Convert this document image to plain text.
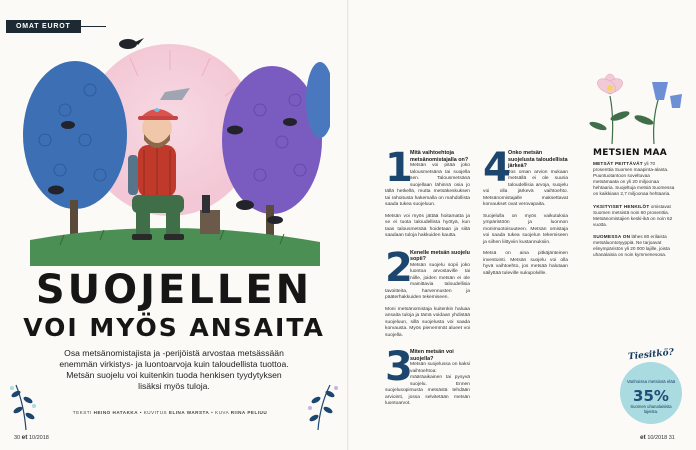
OMAT EUROT
SUOJELLEN
VOI MYÖS ANSAITA
Osa metsänomistajista ja -perijöistä arvostaa metsässään enemmän virkistys- ja luontoarvoja kuin taloudellista tuottoa. Metsän suojelu voi kuitenkin tuoda henkisen tyydytyksen lisäksi myös tuloja.
TEKSTI HEINO HATAKKA • KUVITUS ELINA WARSTA • KUVA RIINA PELIUU
30 et 10/2018
1
Mitä vaihtoehtoja metsänomistajalla on?

Metsän voi pitää joko talousmetsänä tai suojella sen. Talousmetsänä suojellaan lähinnä osia jo tällä hetkellä, mutta metsäkeskuksen tai rahoitusta hakemalla on mahdollista saada tukea suojeluun.

Metsän voi myös jättää hoitamatta ja se ei tuota taloudellista hyötyä, kun taas talousmetsää hoidetaan ja siitä saadaan tuloja hakkuiden kautta.

2
Kenelle metsän suojelu sopii?

Metsän suojelu sopii joko luontoa arvostaville tai niille, joiden metsän ei ole mainittavia taloudellisia tavoitteita, harvennusten ja pääterhakkuiden tekemiseen.

Moni metsänomistaja kuitenkin haluaa ansaita tuloja ja tämä voidaan yhdistää suojeluun, sillä suojelusta voi saada korvausta. Myös pienemmät alueet voi suojella.

3
Miten metsän voi suojella?

Metsän suojelussa on kaksi vaihtoehtoa: määräaikainen tai pysyvä suojelu. Ennen suojelusopimusta metsästä tehdään arviointi, jossa selvitetään metsän luontoarvot.

4
Onko metsän suojelusta taloudellista järkeä?

Jos oman arvion mukaan metsällä ei ole suuria taloudellisia arvoja, suojelu voi olla järkevä vaihtoehto. Metsänomistajalle maksettavat korvaukset ovat verovapaita.

Suojelulla on myös vaikutuksia ympäristöön ja luonnon monimuotoisuuteen. Metsän omistaja voi saada tukea suojelun tekemiseen ja siihen liittyviin kustannuksiin.

Metsä on aina pitkäjänteinen investointi. Metsän suojelu voi olla hyvä vaihtoehto, jos metsää halutaan säilyttää tuleville sukupolville.

METSIEN MAA

METSÄT PEITTÄVÄT yli 70 prosenttia Suomen maapinta-alasta. Puuntuotantoon soveltuvaa metsämaata on yli 20 miljoonaa hehtaaria. Suojeltuja metsiä Suomessa on kaikkiaan 2,7 miljoonaa hehtaaria.

YKSITYISET HENKILÖT omistavat Suomen metsistä noin 60 prosenttia. Metsänomistajien keski-ikä on noin 62 vuotta.

SUOMESSA ON lähes 80 erilaista metsäluontotyyppiä. Ne tarjoavat elinympäristön yli 20 000 lajille, joista uhanalaisia on noin kymmenesosa.

Tiesitkö?
Vanhoissa metsissä elää
35%
Suomen uhanalaisista lajeista.
et 10/2018 31
